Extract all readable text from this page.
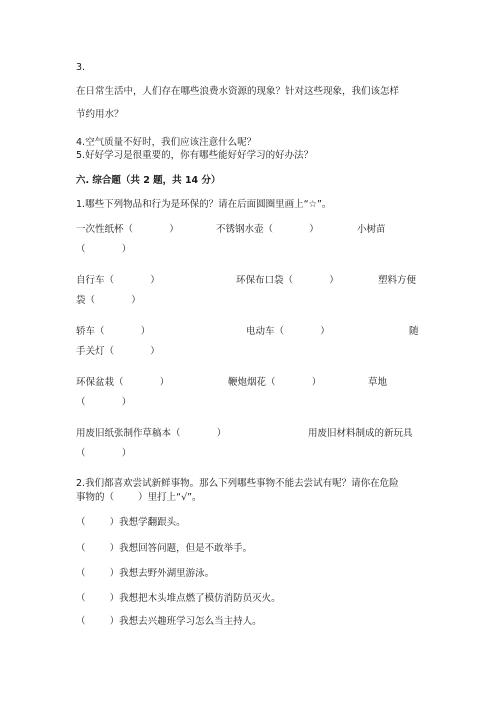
3.
在日常生活中，人们存在哪些浪费水资源的现象？针对这些现象，我们该怎样
节约用水？
4.空气质量不好时，我们应该注意什么呢？
5.好好学习是很重要的，你有哪些能好好学习的好办法？
六. 综合题（共 2 题，共 14 分）
1.哪些下列物品和行为是环保的？请在后面圆圈里画上“☆”。
一次性纸杯（            ）	不锈钢水壶（            ）	小树苗
（            ）
自行车（            ）	环保布口袋（            ）	塑料方便
袋（            ）
轿车（            ）	电动车（            ）	随
手关灯（            ）
环保盆栽（            ）	鞭炮烟花（            ）	草地
（            ）
用废旧纸张制作草稿本（            ）	用废旧材料制成的新玩具
（            ）
2.我们都喜欢尝试新鲜事物。那么下列哪些事物不能去尝试有呢？请你在危险
事物的（        ）里打上“√”。
（        ）我想学翻跟头。
（        ）我想回答问题，但是不敢举手。
（        ）我想去野外湖里游泳。
（        ）我想把木头堆点燃了模仿消防员灭火。
（        ）我想去兴趣班学习怎么当主持人。
